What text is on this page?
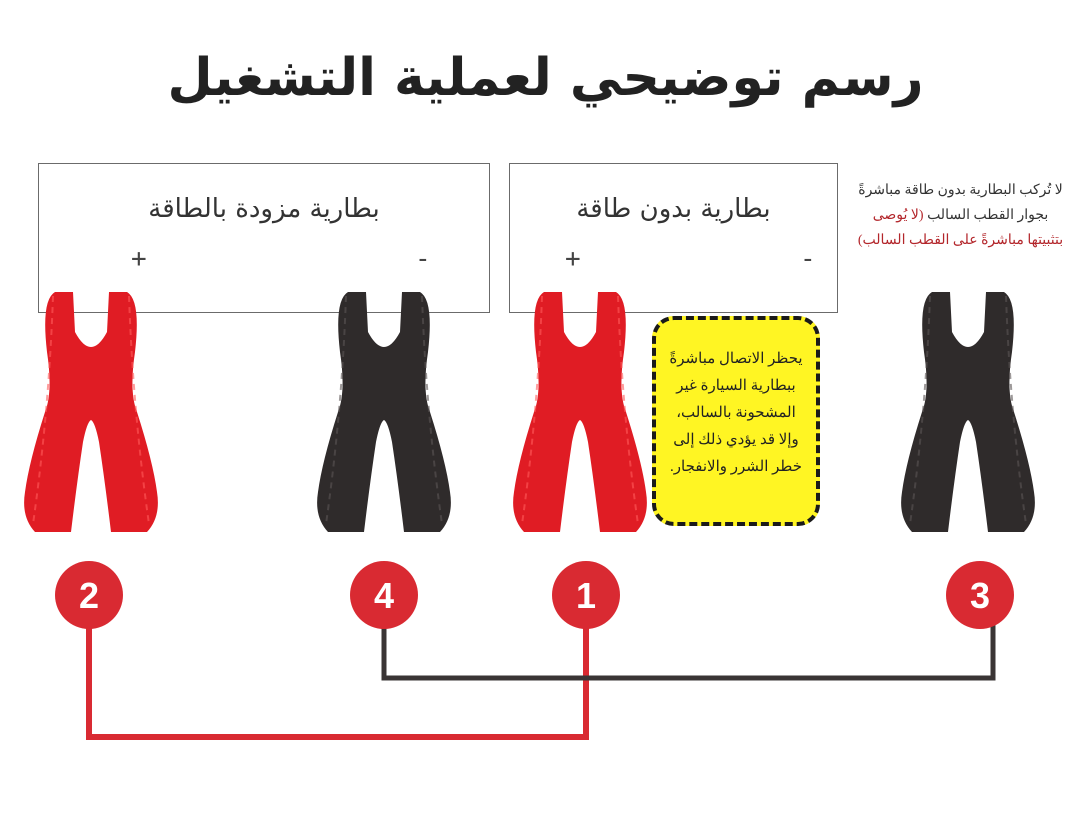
رسم توضيحي لعملية التشغيل
بطارية مزودة بالطاقة
+	-
بطارية بدون طاقة
+	-
لا تُركب البطارية بدون طاقة مباشرةً
بجوار القطب السالب (لا يُوصى
بتثبيتها مباشرةً على القطب السالب)
2	4	1	3
يحظر الاتصال مباشرةً
ببطارية السيارة غير
المشحونة بالسالب،
وإلا قد يؤدي ذلك إلى
خطر الشرر والانفجار.
